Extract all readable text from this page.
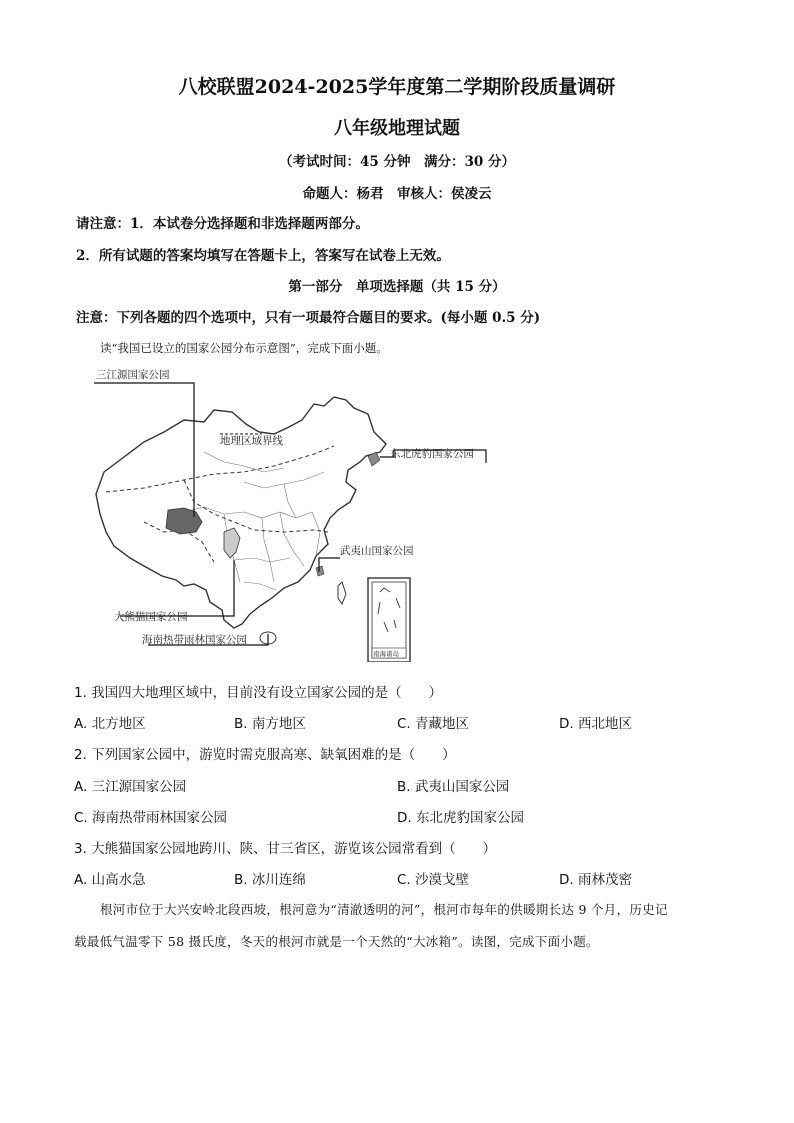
八校联盟2024-2025学年度第二学期阶段质量调研
八年级地理试题
（考试时间：45 分钟　满分：30 分）
命题人：杨君　审核人：侯凌云
请注意：1．本试卷分选择题和非选择题两部分。
2．所有试题的答案均填写在答题卡上，答案写在试卷上无效。
第一部分　单项选择题（共 15 分）
注意：下列各题的四个选项中，只有一项最符合题目的要求。(每小题 0.5 分)
读“我国已设立的国家公园分布示意图”，完成下面小题。
三江源国家公园
地理区域界线
东北虎豹国家公园
武夷山国家公园
大熊猫国家公园
海南热带雨林国家公园
南海诸岛
1. 我国四大地理区域中，目前没有设立国家公园的是（　　）
A. 北方地区	B. 南方地区	C. 青藏地区	D. 西北地区
2. 下列国家公园中，游览时需克服高寒、缺氧困难的是（　　）
A. 三江源国家公园	B. 武夷山国家公园
C. 海南热带雨林国家公园	D. 东北虎豹国家公园
3. 大熊猫国家公园地跨川、陕、甘三省区，游览该公园常看到（　　）
A. 山高水急	B. 冰川连绵	C. 沙漠戈壁	D. 雨林茂密
根河市位于大兴安岭北段西坡，根河意为“清澈透明的河”，根河市每年的供暖期长达 9 个月，历史记
载最低气温零下 58 摄氏度，冬天的根河市就是一个天然的“大冰箱”。读图，完成下面小题。
